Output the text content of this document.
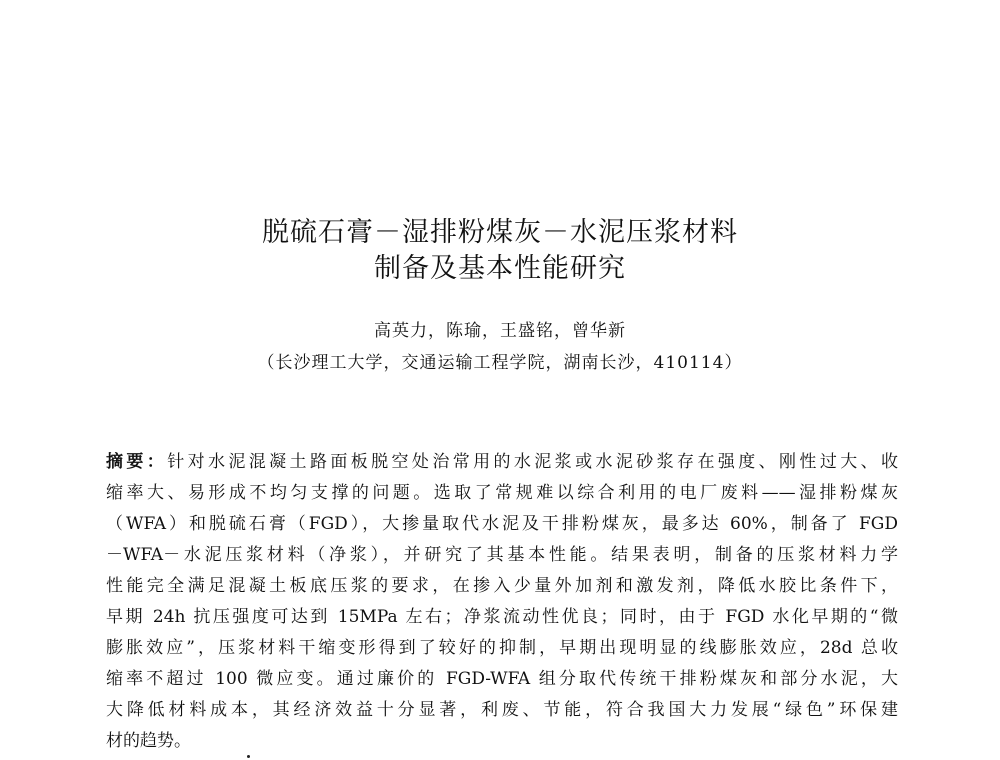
脱硫石膏－湿排粉煤灰－水泥压浆材料
制备及基本性能研究
高英力，陈瑜，王盛铭，曾华新
（长沙理工大学，交通运输工程学院，湖南长沙，410114）
摘要：针对水泥混凝土路面板脱空处治常用的水泥浆或水泥砂浆存在强度、刚性过大、收
缩率大、易形成不均匀支撑的问题。选取了常规难以综合利用的电厂废料——湿排粉煤灰
（WFA）和脱硫石膏（FGD），大掺量取代水泥及干排粉煤灰，最多达 60%，制备了 FGD
－WFA－水泥压浆材料（净浆），并研究了其基本性能。结果表明，制备的压浆材料力学
性能完全满足混凝土板底压浆的要求，在掺入少量外加剂和激发剂，降低水胶比条件下，
早期 24h 抗压强度可达到 15MPa 左右；净浆流动性优良；同时，由于 FGD 水化早期的“微
膨胀效应”，压浆材料干缩变形得到了较好的抑制，早期出现明显的线膨胀效应，28d 总收
缩率不超过 100 微应变。通过廉价的 FGD-WFA 组分取代传统干排粉煤灰和部分水泥，大
大降低材料成本，其经济效益十分显著，利废、节能，符合我国大力发展“绿色”环保建
材的趋势。
